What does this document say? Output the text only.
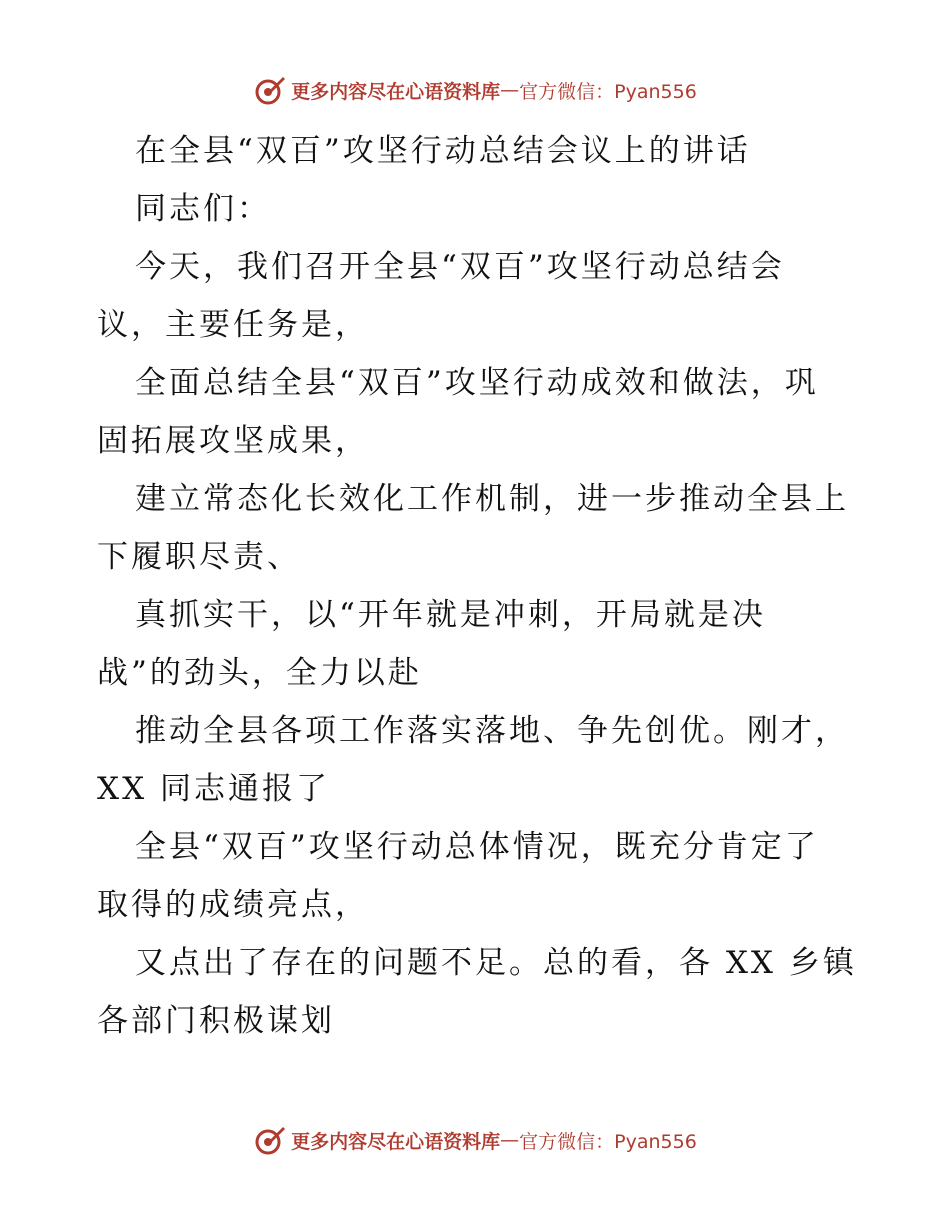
更多内容尽在心语资料库 — 官方微信：Pyan556
在全县“双百”攻坚行动总结会议上的讲话
同志们：
今天，我们召开全县“双百”攻坚行动总结会
议，主要任务是，
全面总结全县“双百”攻坚行动成效和做法，巩
固拓展攻坚成果，
建立常态化长效化工作机制，进一步推动全县上
下履职尽责、
真抓实干，以“开年就是冲刺，开局就是决
战”的劲头，全力以赴
推动全县各项工作落实落地、争先创优。刚才，
XX 同志通报了
全县“双百”攻坚行动总体情况，既充分肯定了
取得的成绩亮点，
又点出了存在的问题不足。总的看，各 XX 乡镇
各部门积极谋划
更多内容尽在心语资料库 — 官方微信：Pyan556
